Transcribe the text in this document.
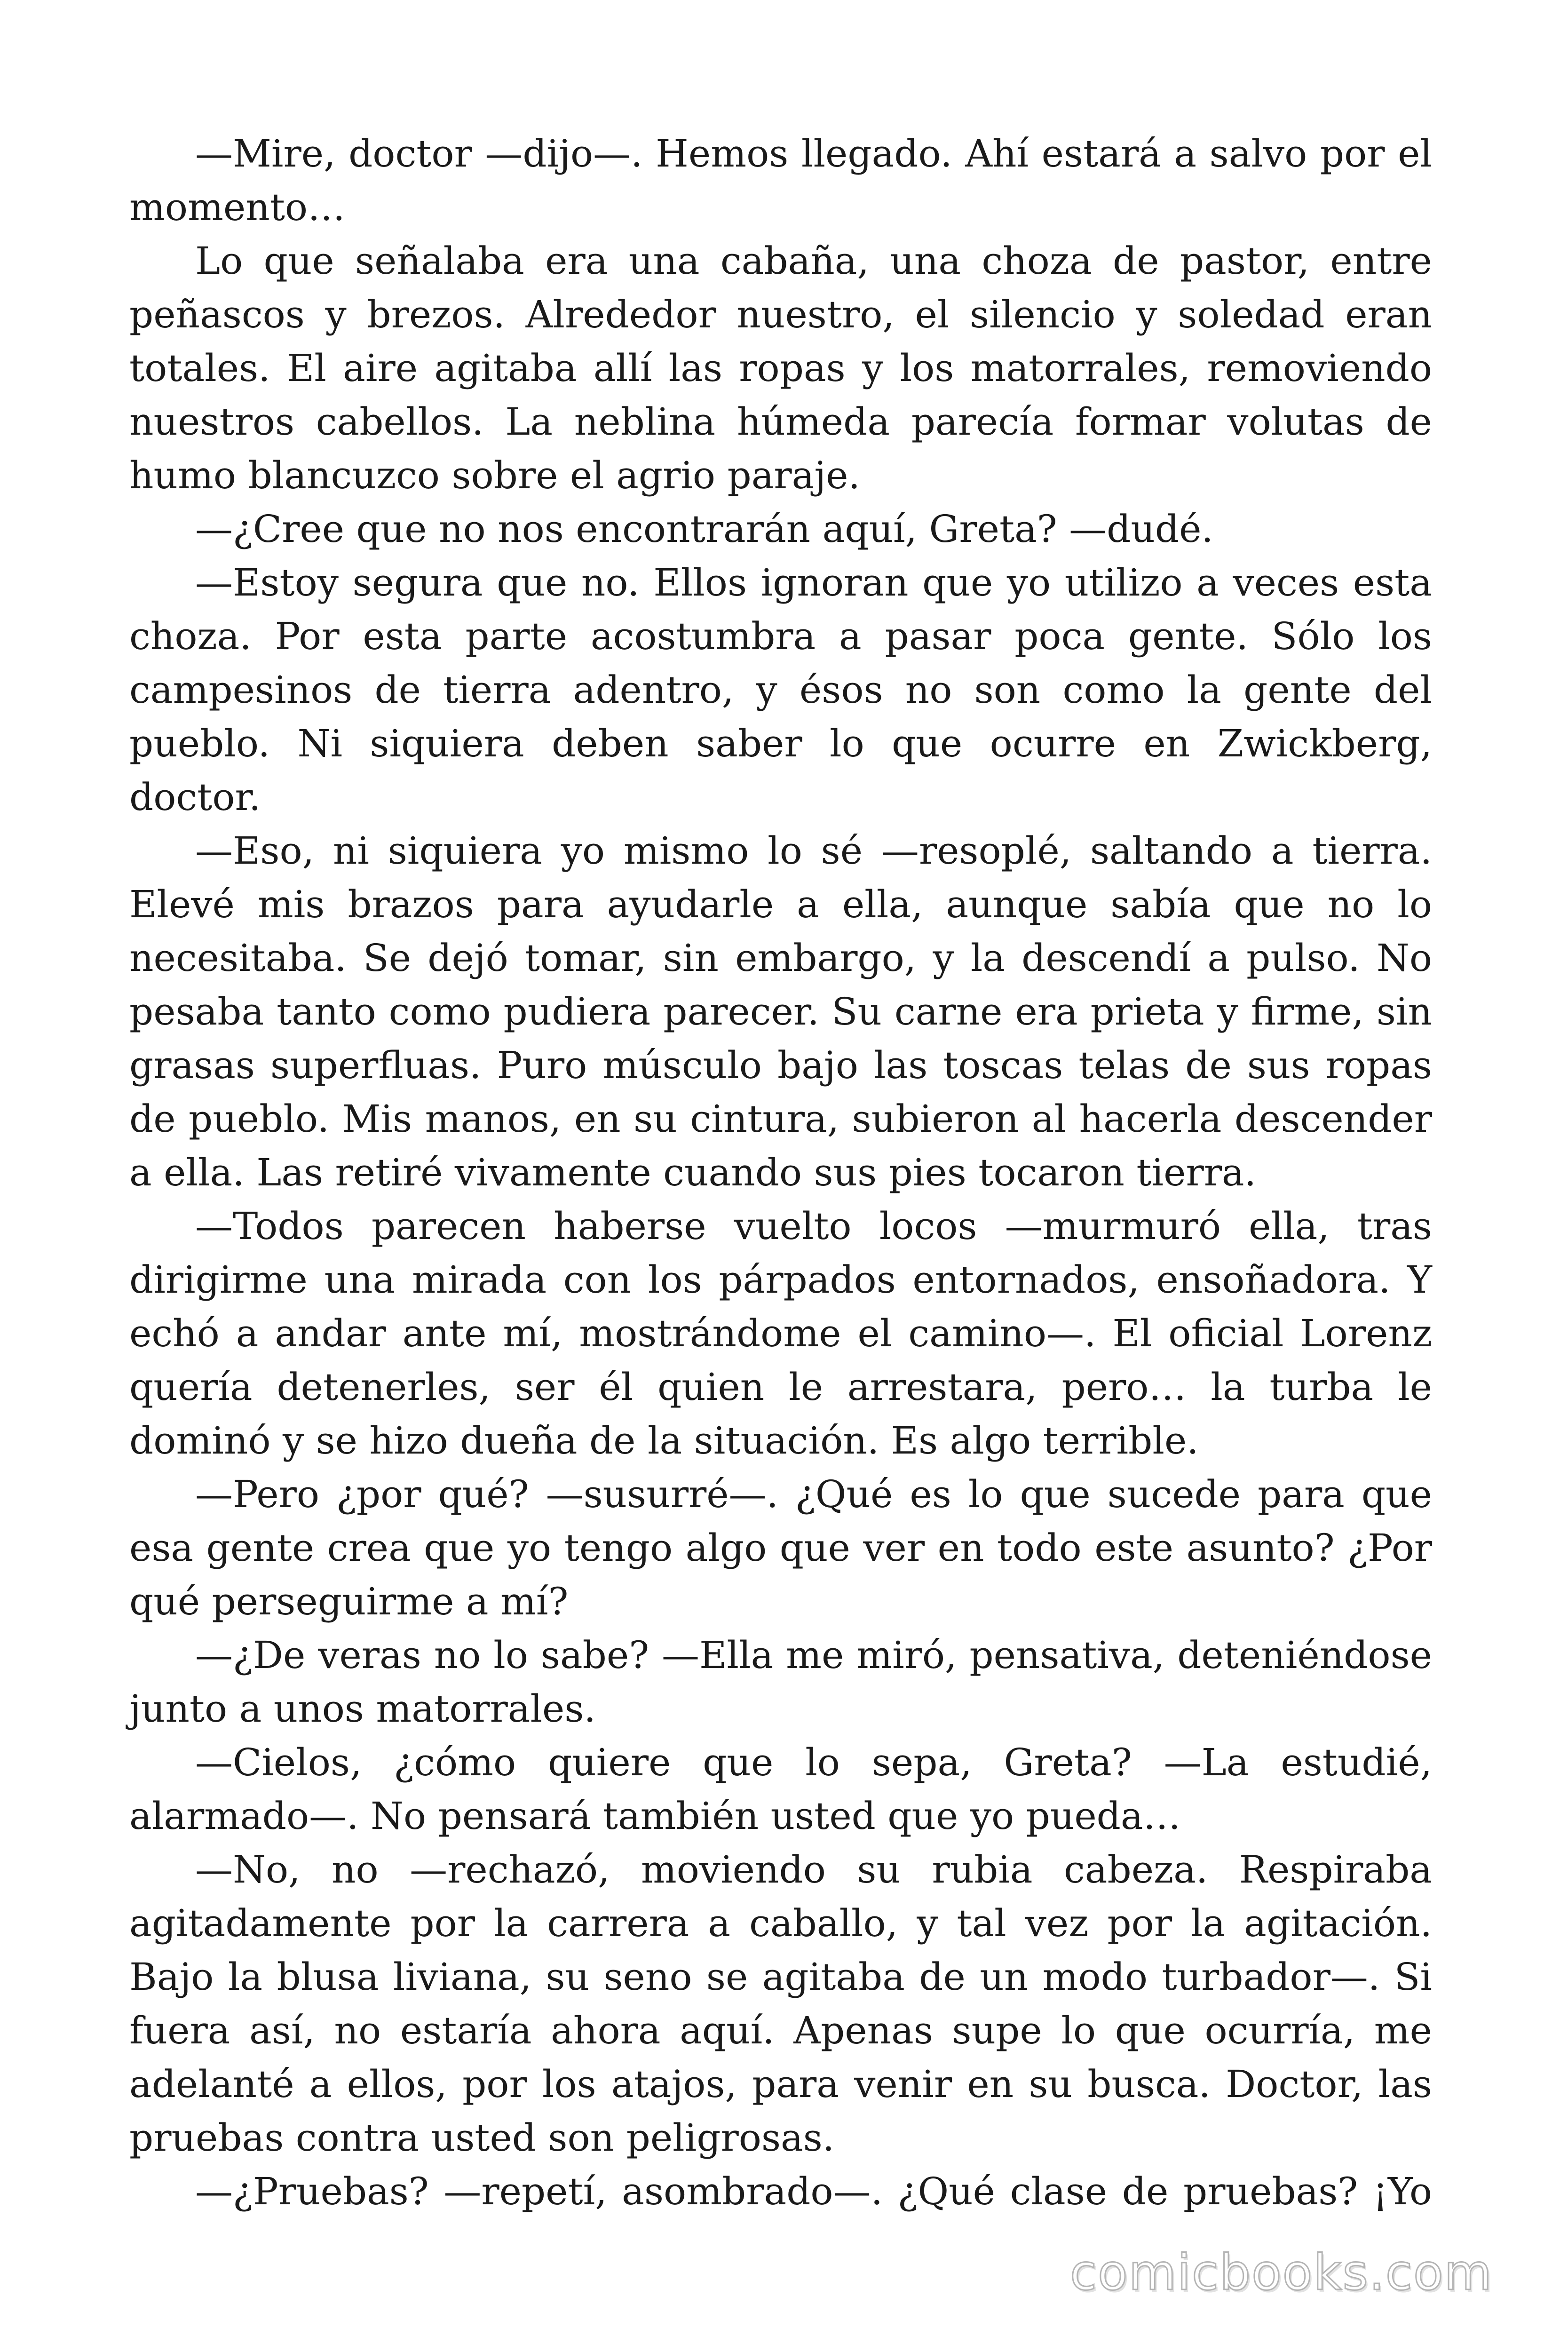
—Mire, doctor —dijo—. Hemos llegado. Ahí estará a salvo por el momento…

Lo que señalaba era una cabaña, una choza de pastor, entre peñascos y brezos. Alrededor nuestro, el silencio y soledad eran totales. El aire agitaba allí las ropas y los matorrales, removiendo nuestros cabellos. La neblina húmeda parecía formar volutas de humo blancuzco sobre el agrio paraje.

—¿Cree que no nos encontrarán aquí, Greta? —dudé.

—Estoy segura que no. Ellos ignoran que yo utilizo a veces esta choza. Por esta parte acostumbra a pasar poca gente. Sólo los campesinos de tierra adentro, y ésos no son como la gente del pueblo. Ni siquiera deben saber lo que ocurre en Zwickberg, doctor.

—Eso, ni siquiera yo mismo lo sé —resoplé, saltando a tierra. Elevé mis brazos para ayudarle a ella, aunque sabía que no lo necesitaba. Se dejó tomar, sin embargo, y la descendí a pulso. No pesaba tanto como pudiera parecer. Su carne era prieta y firme, sin grasas superfluas. Puro músculo bajo las toscas telas de sus ropas de pueblo. Mis manos, en su cintura, subieron al hacerla descender a ella. Las retiré vivamente cuando sus pies tocaron tierra.

—Todos parecen haberse vuelto locos —murmuró ella, tras dirigirme una mirada con los párpados entornados, ensoñadora. Y echó a andar ante mí, mostrándome el camino—. El oficial Lorenz quería detenerles, ser él quien le arrestara, pero… la turba le dominó y se hizo dueña de la situación. Es algo terrible.

—Pero ¿por qué? —susurré—. ¿Qué es lo que sucede para que esa gente crea que yo tengo algo que ver en todo este asunto? ¿Por qué perseguirme a mí?

—¿De veras no lo sabe? —Ella me miró, pensativa, deteniéndose junto a unos matorrales.

—Cielos, ¿cómo quiere que lo sepa, Greta? —La estudié, alarmado—. No pensará también usted que yo pueda…

—No, no —rechazó, moviendo su rubia cabeza. Respiraba agitadamente por la carrera a caballo, y tal vez por la agitación. Bajo la blusa liviana, su seno se agitaba de un modo turbador—. Si fuera así, no estaría ahora aquí. Apenas supe lo que ocurría, me adelanté a ellos, por los atajos, para venir en su busca. Doctor, las pruebas contra usted son peligrosas.

—¿Pruebas? —repetí, asombrado—. ¿Qué clase de pruebas? ¡Yo

comicbooks.com
